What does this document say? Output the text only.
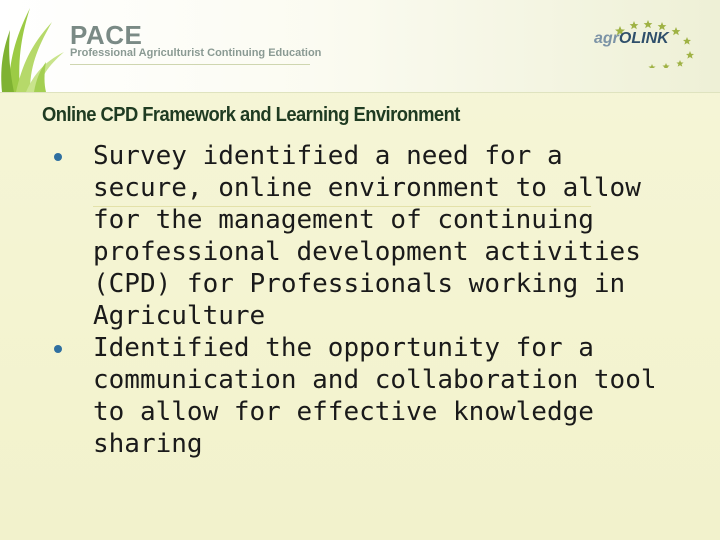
PACE
Professional Agriculturist Continuing Education
agrOLINK
Online CPD Framework and Learning Environment
Survey identified a need for a secure, online environment to allow for the management of continuing professional development activities (CPD) for Professionals working in Agriculture
Identified the opportunity for a communication and collaboration tool to allow for effective knowledge sharing
